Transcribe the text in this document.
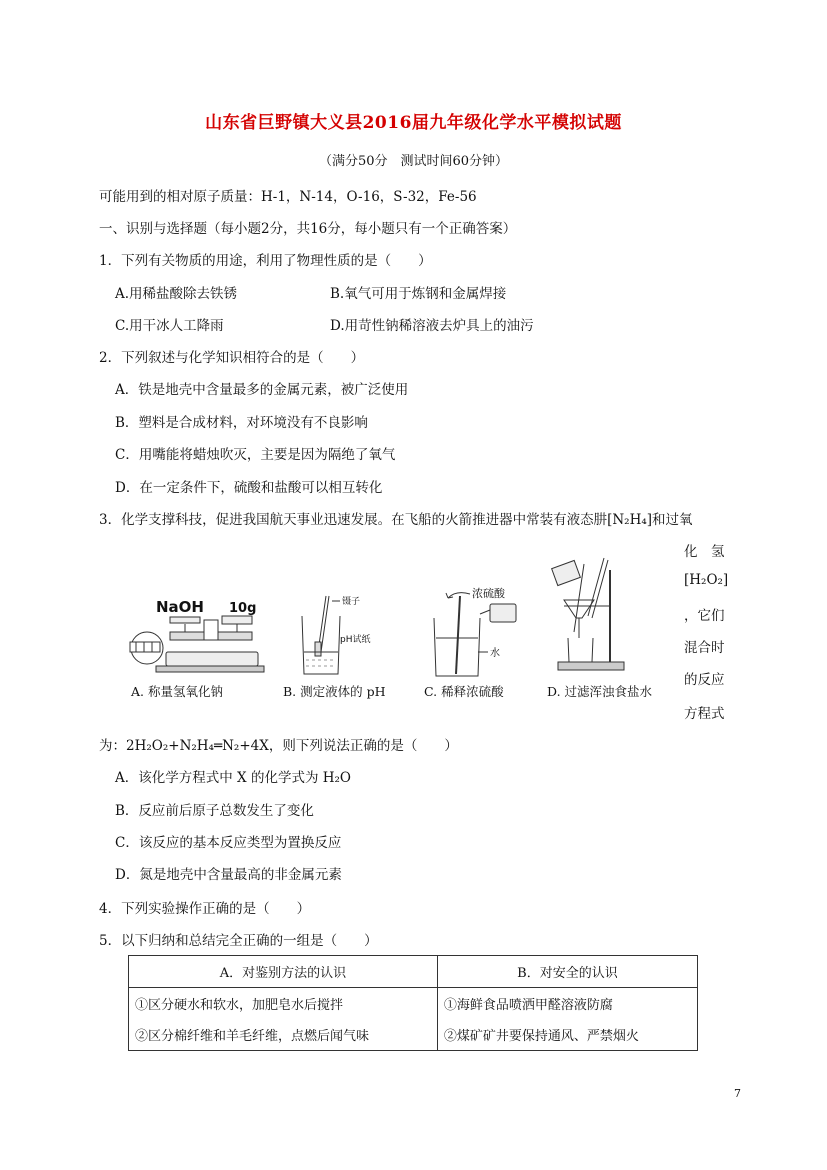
山东省巨野镇大义县2016届九年级化学水平模拟试题
（满分50分　测试时间60分钟）
可能用到的相对原子质量：H-1，N-14，O-16，S-32，Fe-56
一、识别与选择题（每小题2分，共16分，每小题只有一个正确答案）
1．下列有关物质的用途，利用了物理性质的是（　　）
A.用稀盐酸除去铁锈	B.氧气可用于炼钢和金属焊接
C.用干冰人工降雨	D.用苛性钠稀溶液去炉具上的油污
2．下列叙述与化学知识相符合的是（　　）
A．铁是地壳中含量最多的金属元素，被广泛使用
B．塑料是合成材料，对环境没有不良影响
C．用嘴能将蜡烛吹灭，主要是因为隔绝了氧气
D．在一定条件下，硫酸和盐酸可以相互转化
3．化学支撑科技，促进我国航天事业迅速发展。在飞船的火箭推进器中常装有液态肼[N₂H₄]和过氧
化　氢
[H₂O₂]
，它们
混合时
的反应
方程式
NaOH 10g	镊子
pH试纸
浓硫酸
水
A. 称量氢氧化钠	B. 测定液体的 pH	C. 稀释浓硫酸	D. 过滤浑浊食盐水
为：2H₂O₂+N₂H₄═N₂+4X，则下列说法正确的是（　　）
A．该化学方程式中 X 的化学式为 H₂O
B．反应前后原子总数发生了变化
C．该反应的基本反应类型为置换反应
D．氮是地壳中含量最高的非金属元素
4．下列实验操作正确的是（　　）
5．以下归纳和总结完全正确的一组是（　　）
A．对鉴别方法的认识	B．对安全的认识
①区分硬水和软水，加肥皂水后搅拌	①海鲜食品喷洒甲醛溶液防腐
②区分棉纤维和羊毛纤维，点燃后闻气味	②煤矿矿井要保持通风、严禁烟火
7
